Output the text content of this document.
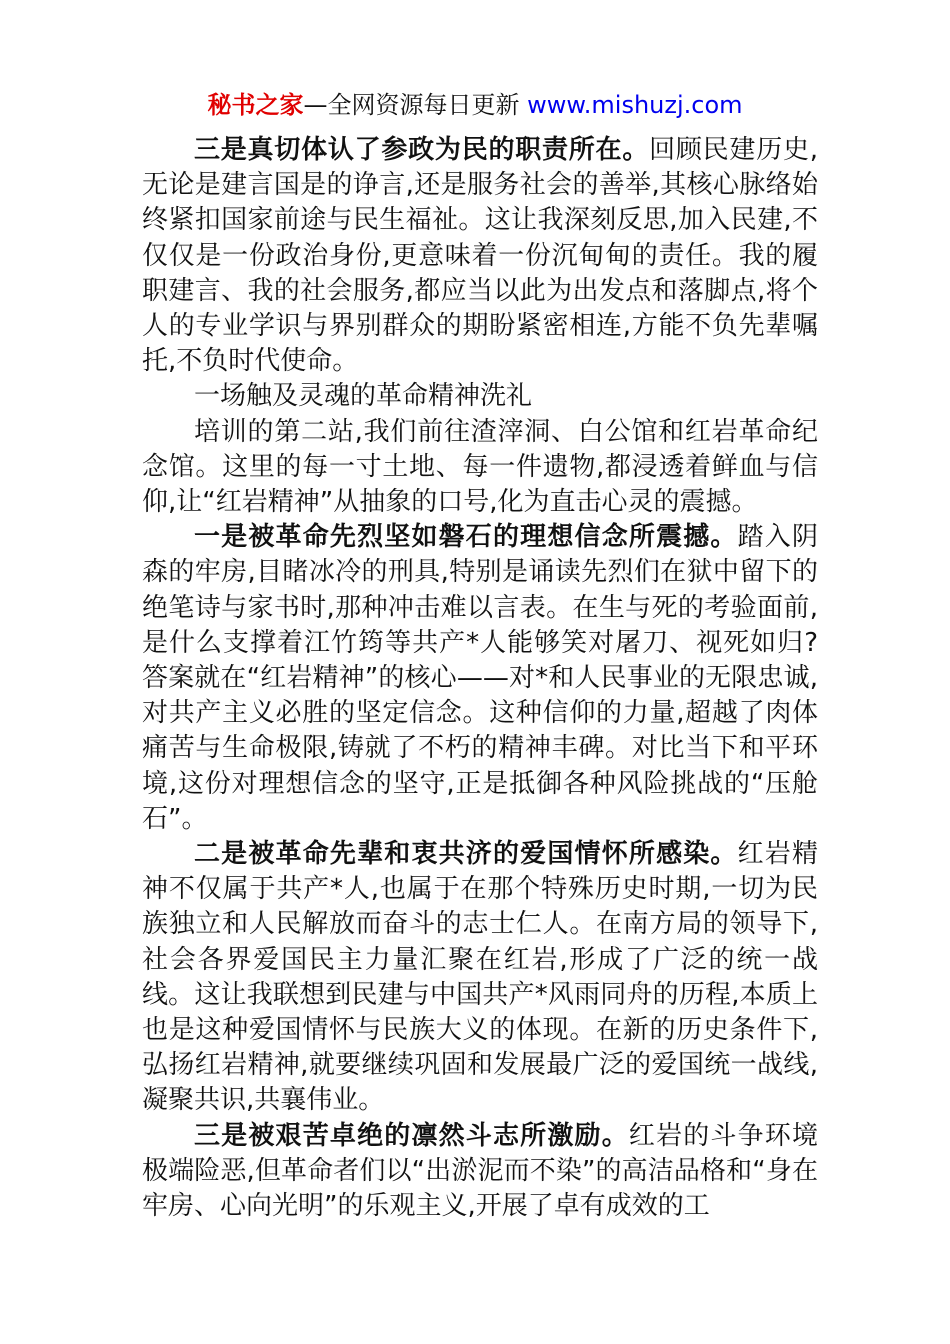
秘书之家—全网资源每日更新 www.mishuzj.com

三是真切体认了参政为民的职责所在。回顾民建历史,无论是建言国是的诤言,还是服务社会的善举,其核心脉络始终紧扣国家前途与民生福祉。这让我深刻反思,加入民建,不仅仅是一份政治身份,更意味着一份沉甸甸的责任。我的履职建言、我的社会服务,都应当以此为出发点和落脚点,将个人的专业学识与界别群众的期盼紧密相连,方能不负先辈嘱托,不负时代使命。

一场触及灵魂的革命精神洗礼

培训的第二站,我们前往渣滓洞、白公馆和红岩革命纪念馆。这里的每一寸土地、每一件遗物,都浸透着鲜血与信仰,让“红岩精神”从抽象的口号,化为直击心灵的震撼。

一是被革命先烈坚如磐石的理想信念所震撼。踏入阴森的牢房,目睹冰冷的刑具,特别是诵读先烈们在狱中留下的绝笔诗与家书时,那种冲击难以言表。在生与死的考验面前,是什么支撑着江竹筠等共产*人能够笑对屠刀、视死如归?答案就在“红岩精神”的核心——对*和人民事业的无限忠诚,对共产主义必胜的坚定信念。这种信仰的力量,超越了肉体痛苦与生命极限,铸就了不朽的精神丰碑。对比当下和平环境,这份对理想信念的坚守,正是抵御各种风险挑战的“压舱石”。

二是被革命先辈和衷共济的爱国情怀所感染。红岩精神不仅属于共产*人,也属于在那个特殊历史时期,一切为民族独立和人民解放而奋斗的志士仁人。在南方局的领导下,社会各界爱国民主力量汇聚在红岩,形成了广泛的统一战线。这让我联想到民建与中国共产*风雨同舟的历程,本质上也是这种爱国情怀与民族大义的体现。在新的历史条件下,弘扬红岩精神,就要继续巩固和发展最广泛的爱国统一战线,凝聚共识,共襄伟业。

三是被艰苦卓绝的凛然斗志所激励。红岩的斗争环境极端险恶,但革命者们以“出淤泥而不染”的高洁品格和“身在牢房、心向光明”的乐观主义,开展了卓有成效的工
